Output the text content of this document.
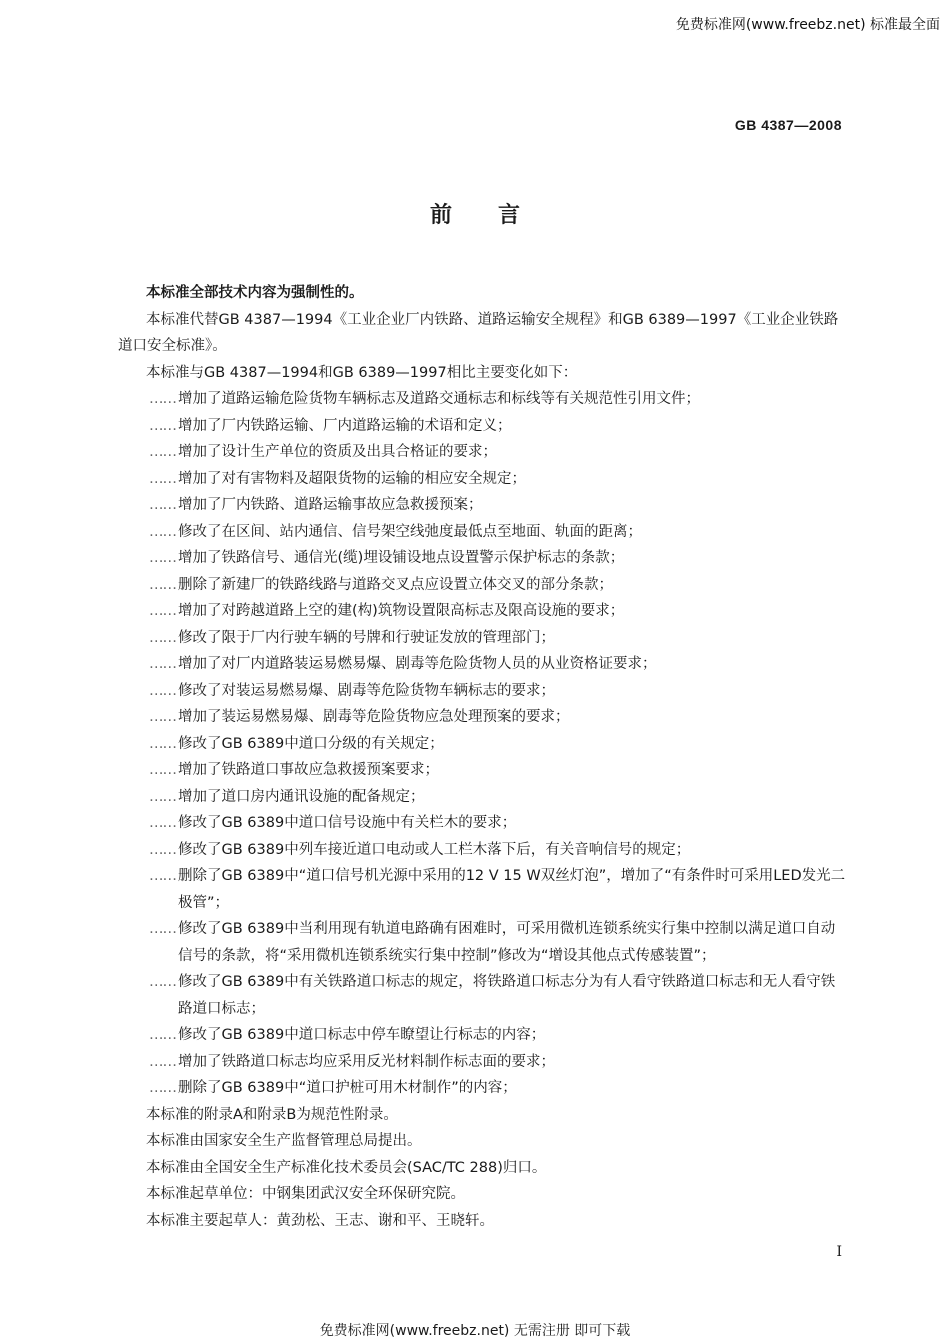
免费标准网(www.freebz.net) 标准最全面
GB 4387—2008
前言

本标准全部技术内容为强制性的。

本标准代替GB 4387—1994《工业企业厂内铁路、道路运输安全规程》和GB 6389—1997《工业企业铁路道口安全标准》。

本标准与GB 4387—1994和GB 6389—1997相比主要变化如下：

…… 增加了道路运输危险货物车辆标志及道路交通标志和标线等有关规范性引用文件；
…… 增加了厂内铁路运输、厂内道路运输的术语和定义；
…… 增加了设计生产单位的资质及出具合格证的要求；
…… 增加了对有害物料及超限货物的运输的相应安全规定；
…… 增加了厂内铁路、道路运输事故应急救援预案；
…… 修改了在区间、站内通信、信号架空线弛度最低点至地面、轨面的距离；
…… 增加了铁路信号、通信光(缆)埋设铺设地点设置警示保护标志的条款；
…… 删除了新建厂的铁路线路与道路交叉点应设置立体交叉的部分条款；
…… 增加了对跨越道路上空的建(构)筑物设置限高标志及限高设施的要求；
…… 修改了限于厂内行驶车辆的号牌和行驶证发放的管理部门；
…… 增加了对厂内道路装运易燃易爆、剧毒等危险货物人员的从业资格证要求；
…… 修改了对装运易燃易爆、剧毒等危险货物车辆标志的要求；
…… 增加了装运易燃易爆、剧毒等危险货物应急处理预案的要求；
…… 修改了GB 6389中道口分级的有关规定；
…… 增加了铁路道口事故应急救援预案要求；
…… 增加了道口房内通讯设施的配备规定；
…… 修改了GB 6389中道口信号设施中有关栏木的要求；
…… 修改了GB 6389中列车接近道口电动或人工栏木落下后，有关音响信号的规定；
…… 删除了GB 6389中“道口信号机光源中采用的12 V 15 W双丝灯泡”，增加了“有条件时可采用LED发光二极管”；
…… 修改了GB 6389中当利用现有轨道电路确有困难时，可采用微机连锁系统实行集中控制以满足道口自动信号的条款，将“采用微机连锁系统实行集中控制”修改为“增设其他点式传感装置”；
…… 修改了GB 6389中有关铁路道口标志的规定，将铁路道口标志分为有人看守铁路道口标志和无人看守铁路道口标志；
…… 修改了GB 6389中道口标志中停车瞭望让行标志的内容；
…… 增加了铁路道口标志均应采用反光材料制作标志面的要求；
…… 删除了GB 6389中“道口护桩可用木材制作”的内容；

本标准的附录A和附录B为规范性附录。

本标准由国家安全生产监督管理总局提出。

本标准由全国安全生产标准化技术委员会(SAC/TC 288)归口。

本标准起草单位：中钢集团武汉安全环保研究院。

本标准主要起草人：黄劲松、王志、谢和平、王晓轩。

I
免费标准网(www.freebz.net) 无需注册 即可下载
